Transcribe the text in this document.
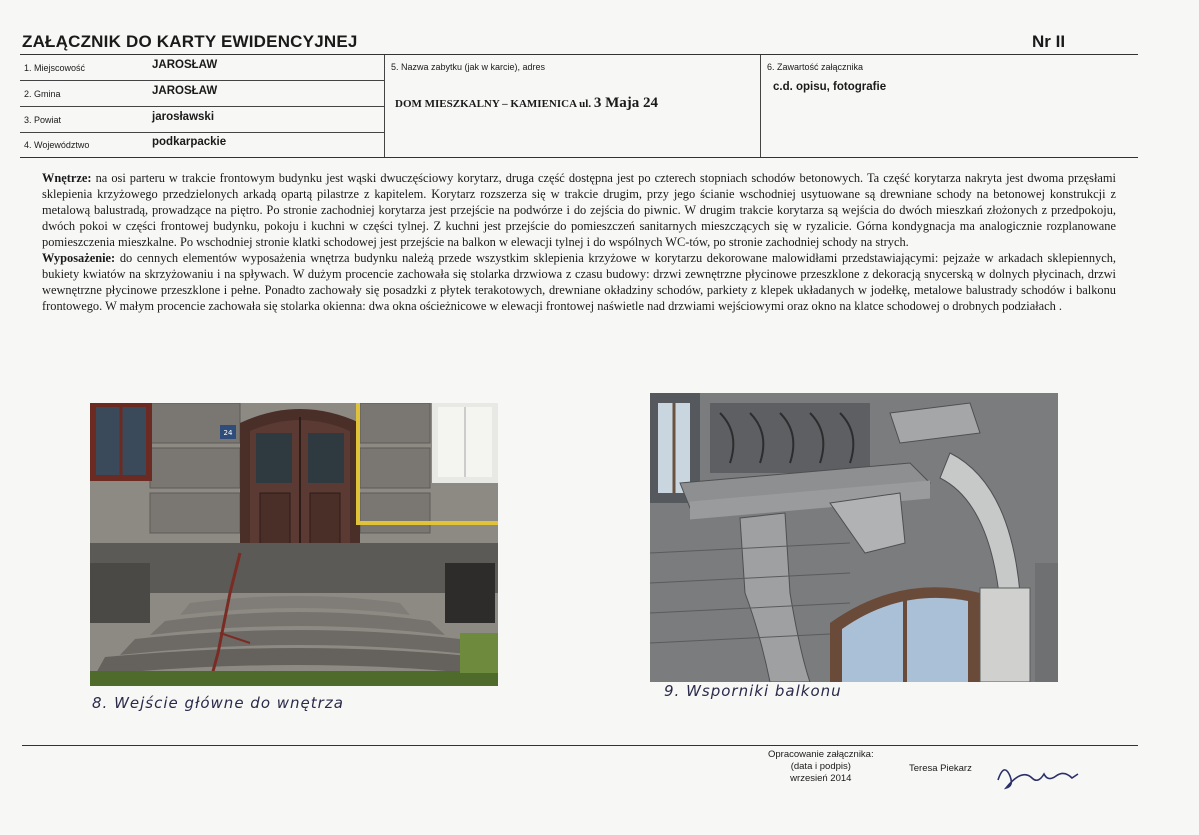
ZAŁĄCZNIK DO KARTY EWIDENCYJNEJ	Nr II
1. Miejscowość	JAROSŁAW
2. Gmina	JAROSŁAW
3. Powiat	jarosławski
4. Województwo	podkarpackie
5. Nazwa zabytku (jak w karcie), adres
DOM MIESZKALNY – KAMIENICA ul. 3 Maja 24
6. Zawartość załącznika
c.d. opisu, fotografie

Wnętrze: na osi parteru w trakcie frontowym budynku jest wąski dwuczęściowy korytarz, druga część dostępna jest po czterech stopniach schodów betonowych. Ta część korytarza nakryta jest dwoma przęsłami sklepienia krzyżowego przedzielonych arkadą opartą pilastrze z kapitelem. Korytarz rozszerza się w trakcie drugim, przy jego ścianie wschodniej usytuowane są drewniane schody na betonowej konstrukcji z metalową balustradą, prowadzące na piętro. Po stronie zachodniej korytarza jest przejście na podwórze i do zejścia do piwnic. W drugim trakcie korytarza są wejścia do dwóch mieszkań złożonych z przedpokoju, dwóch pokoi w części frontowej budynku, pokoju i kuchni w części tylnej. Z kuchni jest przejście do pomieszczeń sanitarnych mieszczących się w ryzalicie. Górna kondygnacja ma analogicznie rozplanowane pomieszczenia mieszkalne. Po wschodniej stronie klatki schodowej jest przejście na balkon w elewacji tylnej i do wspólnych WC-tów, po stronie zachodniej schody na strych.

Wyposażenie: do cennych elementów wyposażenia wnętrza budynku należą przede wszystkim sklepienia krzyżowe w korytarzu dekorowane malowidłami przedstawiającymi: pejzaże w arkadach sklepiennych, bukiety kwiatów na skrzyżowaniu i na spływach. W dużym procencie zachowała się stolarka drzwiowa z czasu budowy: drzwi zewnętrzne płycinowe przeszklone z dekoracją snycerską w dolnych płycinach, drzwi wewnętrzne płycinowe przeszklone i pełne. Ponadto zachowały się posadzki z płytek terakotowych, drewniane okładziny schodów, parkiety z klepek układanych w jodełkę, metalowe balustrady schodów i balkonu frontowego. W małym procencie zachowała się stolarka okienna: dwa okna ościeżnicowe w elewacji frontowej naświetle nad drzwiami wejściowymi oraz okno na klatce schodowej o drobnych podziałach .

24
8. Wejście główne do wnętrza
9. Wsporniki balkonu
Opracowanie załącznika:
(data i podpis)
wrzesień 2014
Teresa Piekarz
